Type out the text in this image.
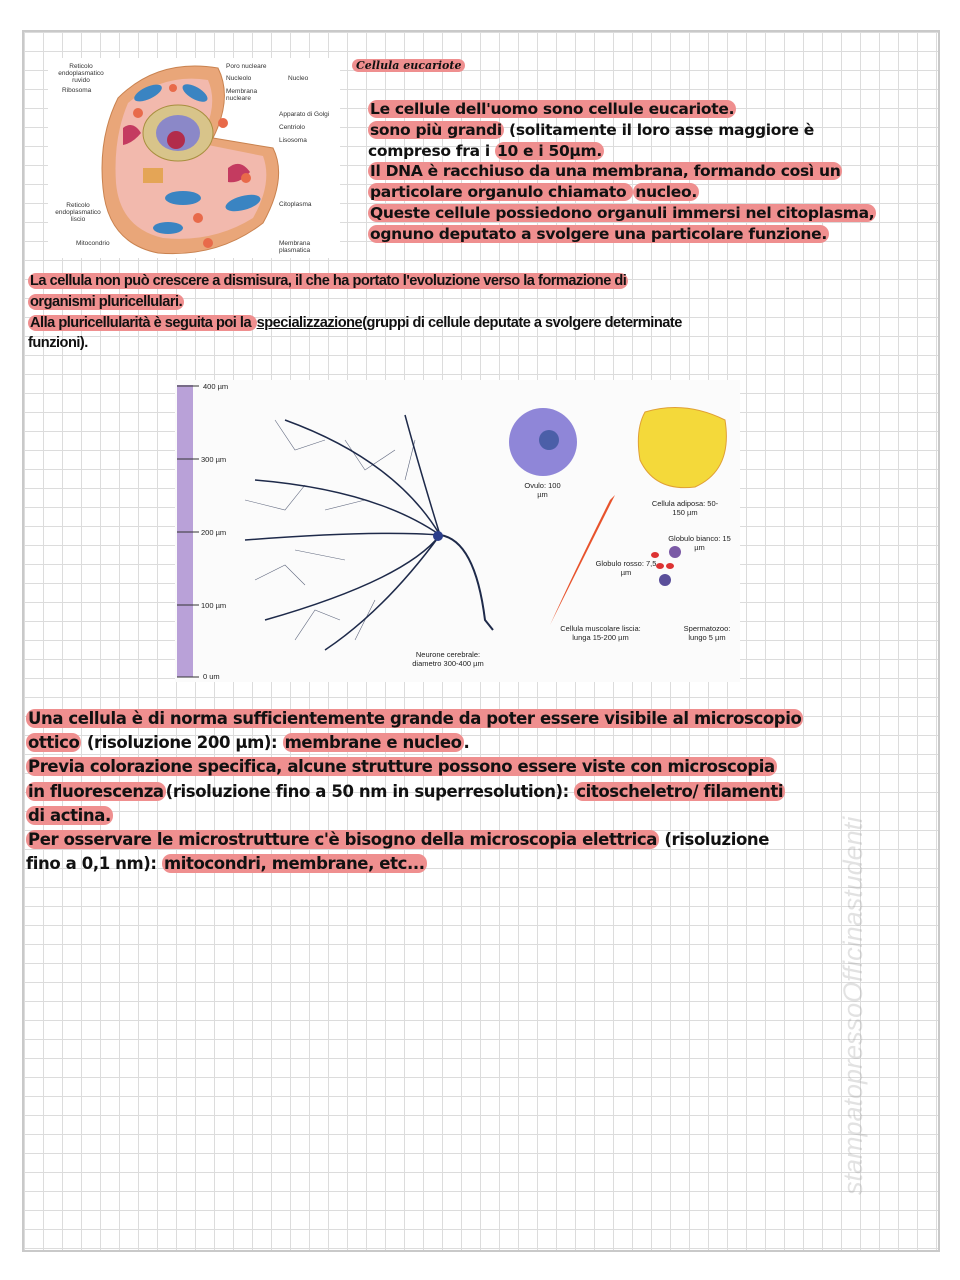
Reticolo endoplasmatico ruvido
Ribosoma
Reticolo endoplasmatico liscio
Mitocondrio
Poro nucleare
Nucleolo
Membrana nucleare
Nucleo
Apparato di Golgi
Centriolo
Lisosoma
Citoplasma
Membrana plasmatica
Cellula eucariote
Le cellule dell'uomo sono cellule eucariote.
sono più grandi (solitamente il loro asse maggiore è
compreso fra i 10 e i 50µm.
Il DNA è racchiuso da una membrana, formando così un
particolare organulo chiamato nucleo.
Queste cellule possiedono organuli immersi nel citoplasma,
ognuno deputato a svolgere una particolare funzione.
La cellula non può crescere a dismisura, il che ha portato l'evoluzione verso la formazione di
organismi pluricellulari.
Alla pluricellularità è seguita poi la specializzazione(gruppi di cellule deputate a svolgere determinate
funzioni).
400 µm
300 µm
200 µm
100 µm
0 um
Neurone cerebrale: diametro 300-400 µm
Ovulo: 100 µm
Cellula adiposa: 50-150 µm
Globulo bianco: 15 µm
Globulo rosso: 7,5 µm
Cellula muscolare liscia: lunga 15-200 µm
Spermatozoo: lungo 5 µm
Una cellula è di norma sufficientemente grande da poter essere visibile al microscopio
ottico (risoluzione 200 µm): membrane e nucleo .
Previa colorazione specifica, alcune strutture possono essere viste con microscopia
in fluorescenza (risoluzione fino a 50 nm in superresolution): citoscheletro/ filamenti
di actina.
Per osservare le microstrutture c'è bisogno della microscopia elettrica (risoluzione
fino a 0,1 nm): mitocondri, membrane, etc...	stampatopressoOfficinastudenti
